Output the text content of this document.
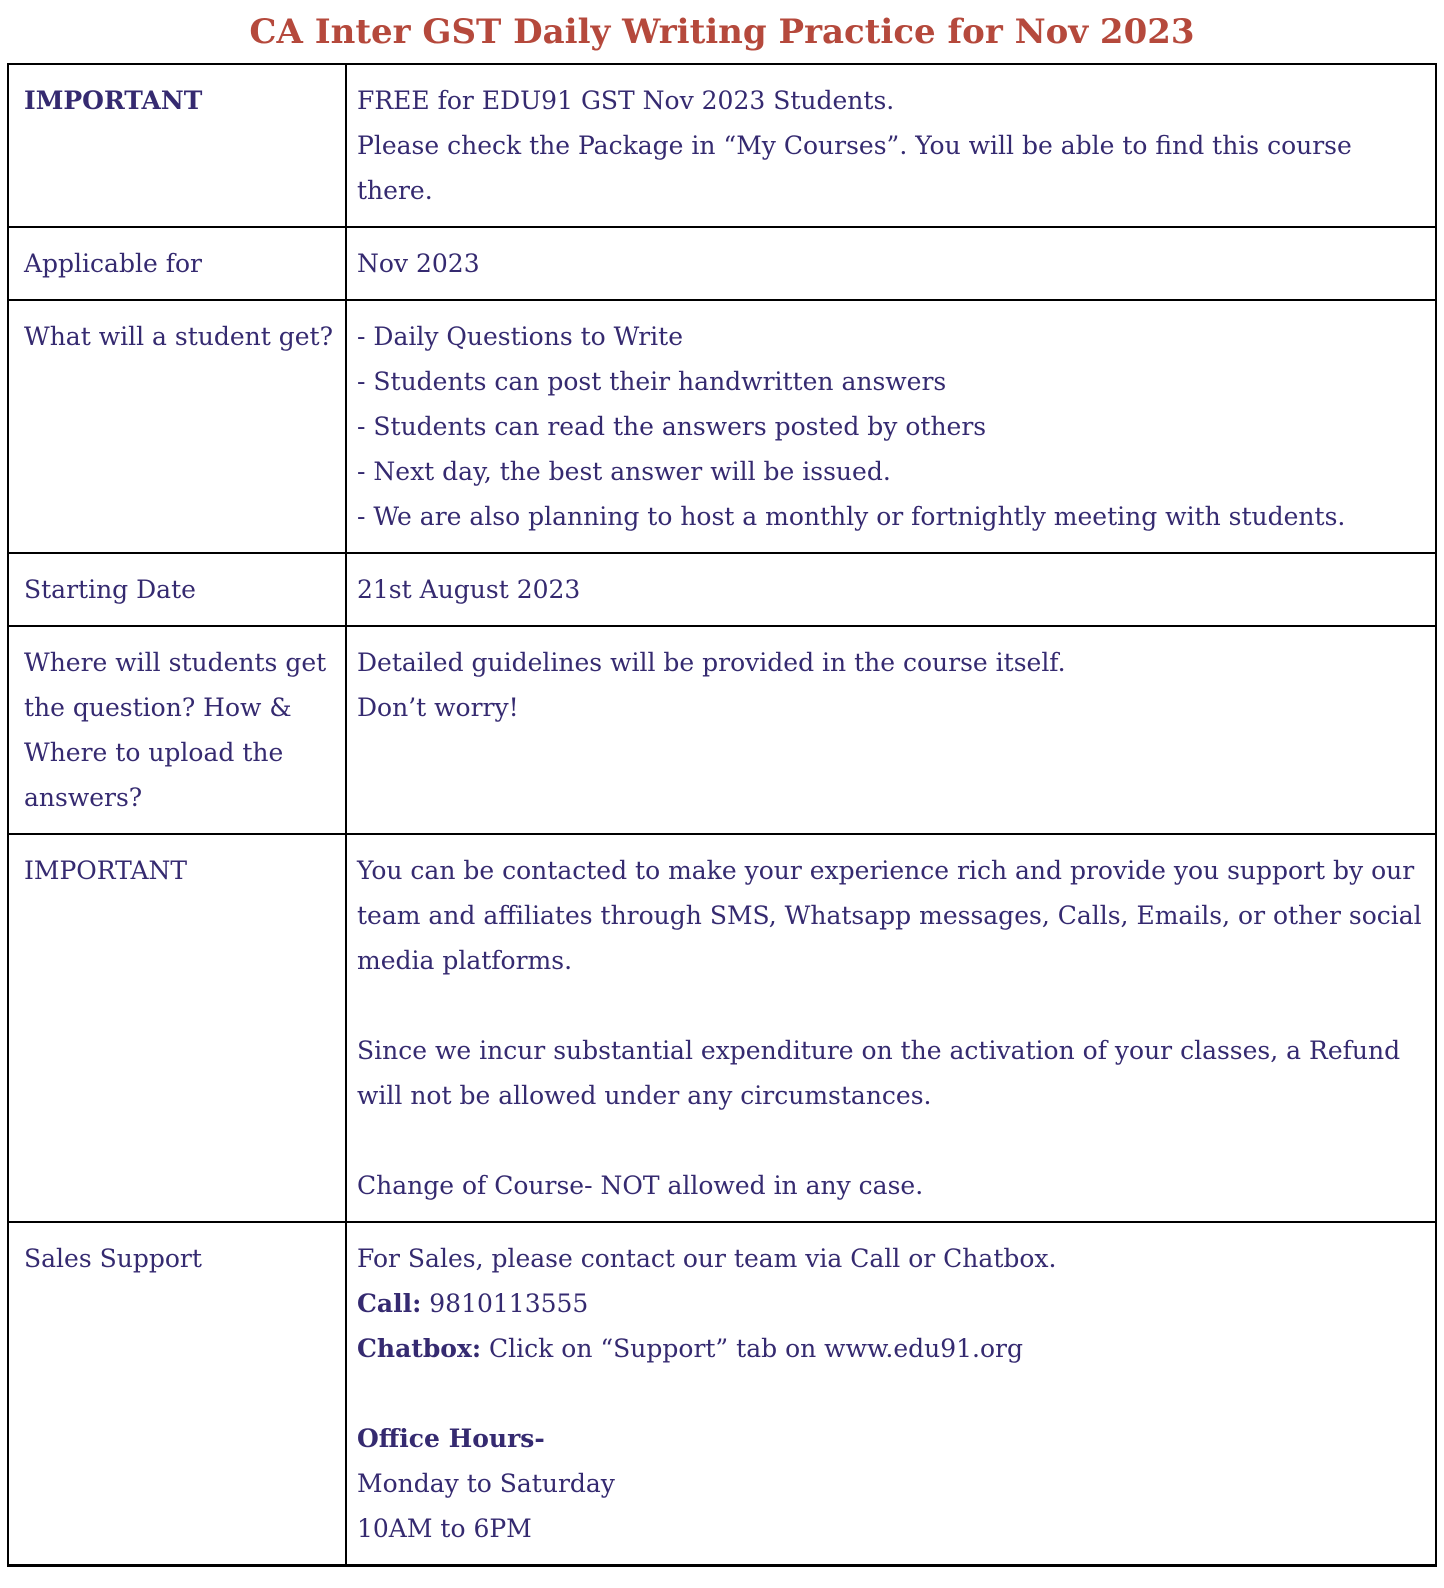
CA Inter GST Daily Writing Practice for Nov 2023
IMPORTANT	FREE for EDU91 GST Nov 2023 Students.
Please check the Package in “My Courses”. You will be able to find this course there.

Applicable for	Nov 2023

What will a student get?	- Daily Questions to Write
- Students can post their handwritten answers
- Students can read the answers posted by others
- Next day, the best answer will be issued.
- We are also planning to host a monthly or fortnightly meeting with students.

Starting Date	21st August 2023

Where will students get the question? How & Where to upload the answers?	Detailed guidelines will be provided in the course itself.
Don’t worry!

IMPORTANT	You can be contacted to make your experience rich and provide you support by our team and affiliates through SMS, Whatsapp messages, Calls, Emails, or other social media platforms.
Since we incur substantial expenditure on the activation of your classes, a Refund will not be allowed under any circumstances.
Change of Course- NOT allowed in any case.

Sales Support	For Sales, please contact our team via Call or Chatbox.
Call: 9810113555
Chatbox: Click on “Support” tab on www.edu91.org
Office Hours-
Monday to Saturday
10AM to 6PM
